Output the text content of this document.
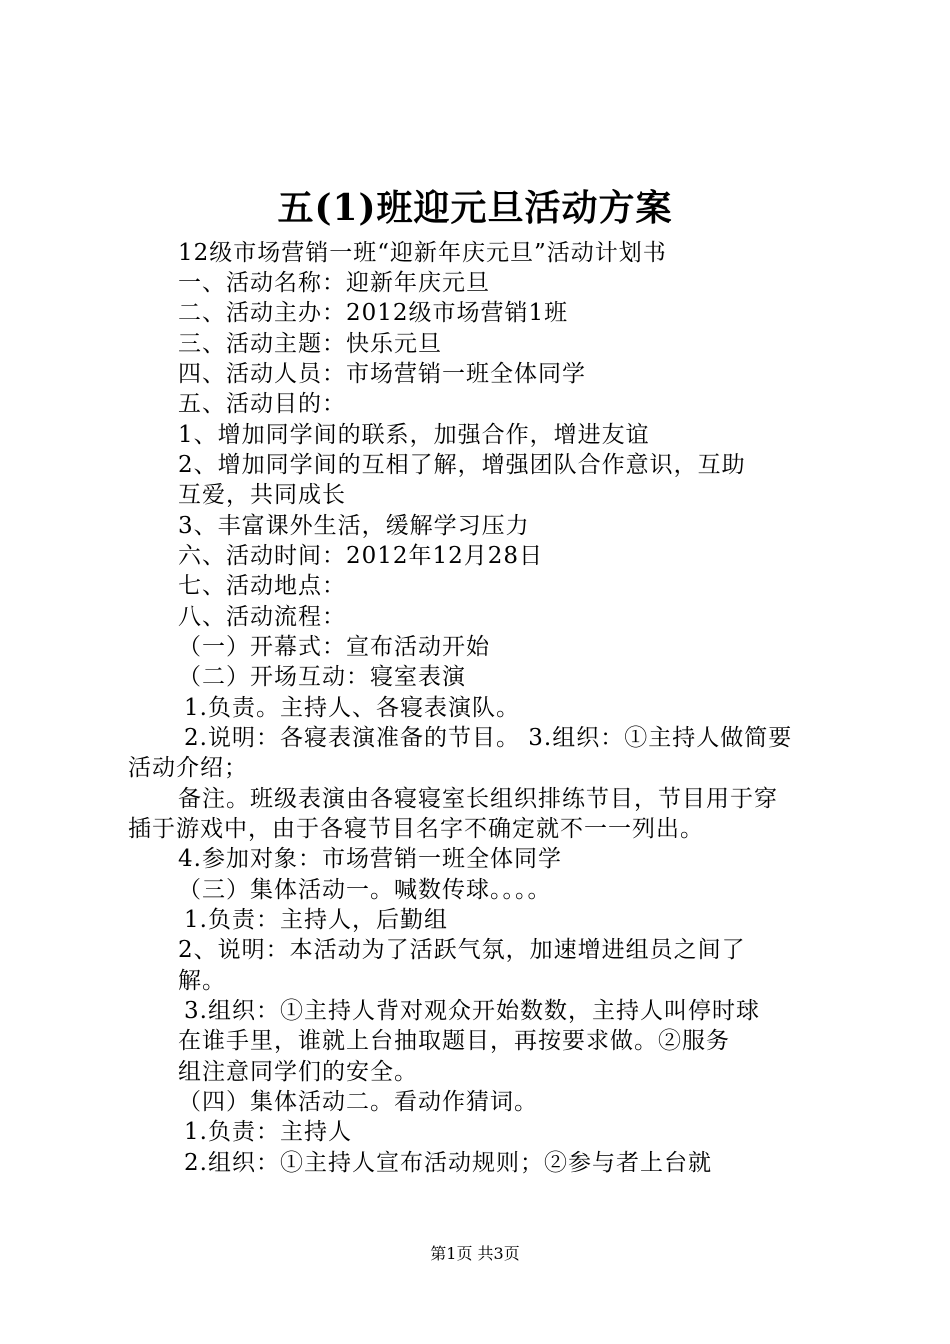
五(1)班迎元旦活动方案
12级市场营销一班“迎新年庆元旦”活动计划书
一、活动名称：迎新年庆元旦
二、活动主办：2012级市场营销1班
三、活动主题：快乐元旦
四、活动人员：市场营销一班全体同学
五、活动目的：
1、增加同学间的联系，加强合作，增进友谊
2、增加同学间的互相了解，增强团队合作意识，互助
互爱，共同成长
3、丰富课外生活，缓解学习压力
六、活动时间：2012年12月28日
七、活动地点：
八、活动流程：
（一）开幕式：宣布活动开始
（二）开场互动：寝室表演
1.负责。主持人、各寝表演队。
2.说明：各寝表演准备的节目。 3.组织：①主持人做简要
活动介绍；
备注。班级表演由各寝寝室长组织排练节目，节目用于穿
插于游戏中，由于各寝节目名字不确定就不一一列出。
4.参加对象：市场营销一班全体同学
（三）集体活动一。喊数传球。。。。
1.负责：主持人，后勤组
2、说明：本活动为了活跃气氛，加速增进组员之间了
解。
3.组织：①主持人背对观众开始数数，主持人叫停时球
在谁手里，谁就上台抽取题目，再按要求做。②服务
组注意同学们的安全。
（四）集体活动二。看动作猜词。
1.负责：主持人
2.组织：①主持人宣布活动规则；②参与者上台就
第1页 共3页
